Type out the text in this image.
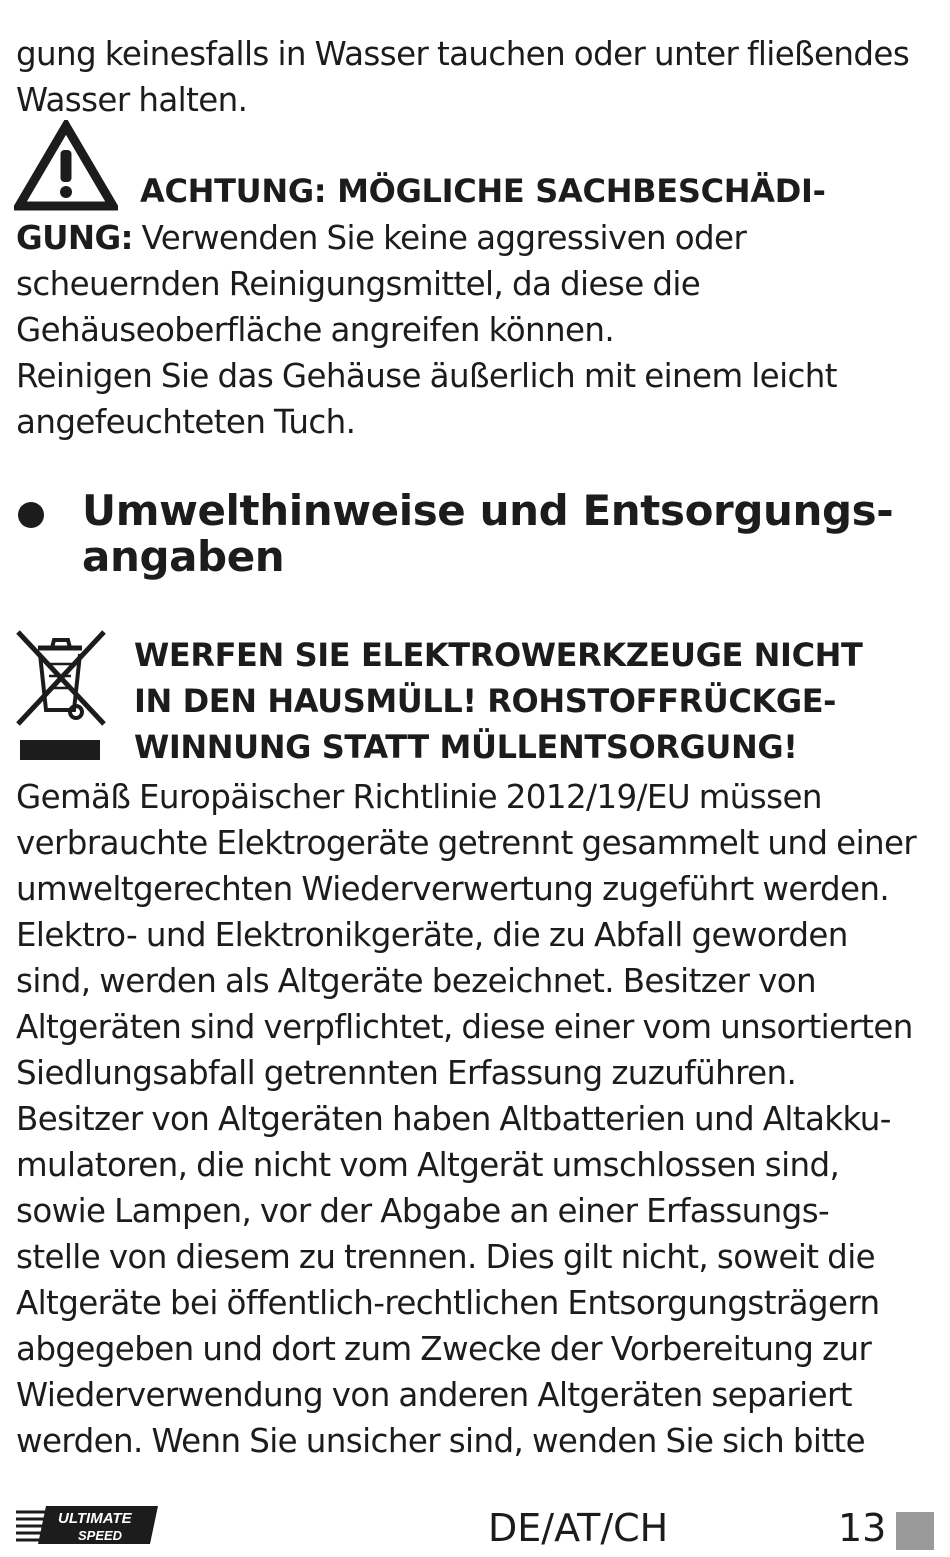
gung keinesfalls in Wasser tauchen oder unter fließendes
Wasser halten.
ACHTUNG: MÖGLICHE SACHBESCHÄDI-
GUNG: Verwenden Sie keine aggressiven oder
scheuernden Reinigungsmittel, da diese die
Gehäuseoberfläche angreifen können.
Reinigen Sie das Gehäuse äußerlich mit einem leicht
angefeuchteten Tuch.
Umwelthinweise und Entsorgungs-
angaben
WERFEN SIE ELEKTROWERKZEUGE NICHT
IN DEN HAUSMÜLL! ROHSTOFFRÜCKGE-
WINNUNG STATT MÜLLENTSORGUNG!
Gemäß Europäischer Richtlinie 2012/19/EU müssen
verbrauchte Elektrogeräte getrennt gesammelt und einer
umweltgerechten Wiederverwertung zugeführt werden.
Elektro- und Elektronikgeräte, die zu Abfall geworden
sind, werden als Altgeräte bezeichnet. Besitzer von
Altgeräten sind verpflichtet, diese einer vom unsortierten
Siedlungsabfall getrennten Erfassung zuzuführen.
Besitzer von Altgeräten haben Altbatterien und Altakku-
mulatoren, die nicht vom Altgerät umschlossen sind,
sowie Lampen, vor der Abgabe an einer Erfassungs-
stelle von diesem zu trennen. Dies gilt nicht, soweit die
Altgeräte bei öffentlich-rechtlichen Entsorgungsträgern
abgegeben und dort zum Zwecke der Vorbereitung zur
Wiederverwendung von anderen Altgeräten separiert
werden. Wenn Sie unsicher sind, wenden Sie sich bitte
ULTIMATE
SPEED	DE/AT/CH	13
